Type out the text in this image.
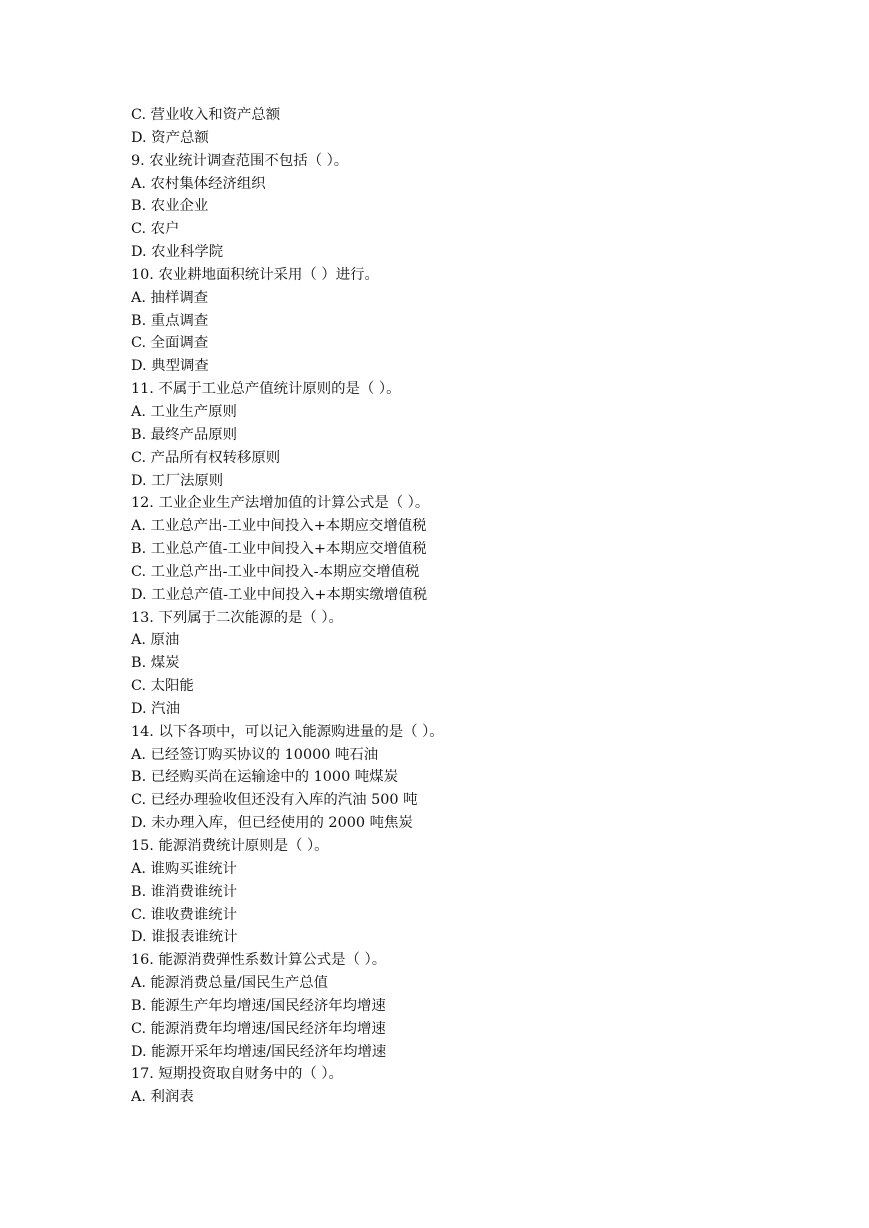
C. 营业收入和资产总额
D. 资产总额
9. 农业统计调查范围不包括（ ）。
A. 农村集体经济组织
B. 农业企业
C. 农户
D. 农业科学院
10. 农业耕地面积统计采用（ ）进行。
A. 抽样调查
B. 重点调查
C. 全面调查
D. 典型调查
11. 不属于工业总产值统计原则的是（ ）。
A. 工业生产原则
B. 最终产品原则
C. 产品所有权转移原则
D. 工厂法原则
12. 工业企业生产法增加值的计算公式是（ ）。
A. 工业总产出-工业中间投入+本期应交增值税
B. 工业总产值-工业中间投入+本期应交增值税
C. 工业总产出-工业中间投入-本期应交增值税
D. 工业总产值-工业中间投入+本期实缴增值税
13. 下列属于二次能源的是（ ）。
A. 原油
B. 煤炭
C. 太阳能
D. 汽油
14. 以下各项中，可以记入能源购进量的是（ ）。
A. 已经签订购买协议的 10000 吨石油
B. 已经购买尚在运输途中的 1000 吨煤炭
C. 已经办理验收但还没有入库的汽油 500 吨
D. 未办理入库，但已经使用的 2000 吨焦炭
15. 能源消费统计原则是（ ）。
A. 谁购买谁统计
B. 谁消费谁统计
C. 谁收费谁统计
D. 谁报表谁统计
16. 能源消费弹性系数计算公式是（ ）。
A. 能源消费总量/国民生产总值
B. 能源生产年均增速/国民经济年均增速
C. 能源消费年均增速/国民经济年均增速
D. 能源开采年均增速/国民经济年均增速
17. 短期投资取自财务中的（ ）。
A. 利润表
